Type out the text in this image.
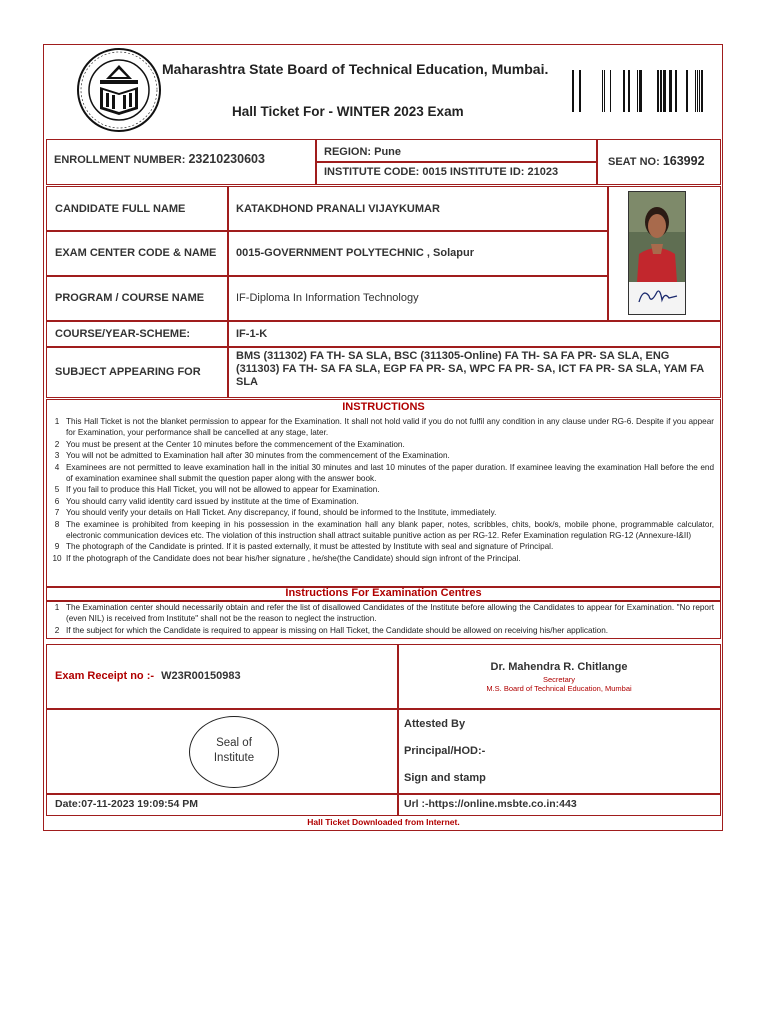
Maharashtra State Board of Technical Education, Mumbai.
Hall Ticket For - WINTER 2023 Exam
ENROLLMENT NUMBER: 23210230603	REGION: Pune
INSTITUTE CODE: 0015 INSTITUTE ID: 21023
SEAT NO: 163992
CANDIDATE FULL NAME	KATAKDHOND PRANALI VIJAYKUMAR
EXAM CENTER CODE & NAME	0015-GOVERNMENT POLYTECHNIC , Solapur
PROGRAM / COURSE NAME	IF-Diploma In Information Technology
COURSE/YEAR-SCHEME:	IF-1-K
SUBJECT APPEARING FOR
BMS (311302) FA TH- SA SLA, BSC (311305-Online) FA TH- SA FA PR- SA SLA, ENG (311303) FA TH- SA FA SLA, EGP FA PR- SA, WPC FA PR- SA, ICT FA PR- SA SLA, YAM FA SLA
INSTRUCTIONS
1 This Hall Ticket is not the blanket permission to appear for the Examination. It shall not hold valid if you do not fulfil any condition in any clause under RG-6. Despite if you appear for Examination, your performance shall be cancelled at any stage, later.
2 You must be present at the Center 10 minutes before the commencement of the Examination.
3 You will not be admitted to Examination hall after 30 minutes from the commencement of the Examination.
4 Examinees are not permitted to leave examination hall in the initial 30 minutes and last 10 minutes of the paper duration. If examinee leaving the examination Hall before the end of examination examinee shall submit the question paper along with the answer book.
5 If you fail to produce this Hall Ticket, you will not be allowed to appear for Examination.
6 You should carry valid identity card issued by institute at the time of Examination.
7 You should verify your details on Hall Ticket. Any discrepancy, if found, should be informed to the Institute, immediately.
8 The examinee is prohibited from keeping in his possession in the examination hall any blank paper, notes, scribbles, chits, book/s, mobile phone, programmable calculator, electronic communication devices etc. The violation of this instruction shall attract suitable punitive action as per RG-12. Refer Examination regulation RG-12 (Annexure-I&II)
9 The photograph of the Candidate is printed. If it is pasted externally, it must be attested by Institute with seal and signature of Principal.
10 If the photograph of the Candidate does not bear his/her signature , he/she(the Candidate) should sign infront of the Principal.
Instructions For Examination Centres
1 The Examination center should necessarily obtain and refer the list of disallowed Candidates of the Institute before allowing the Candidates to appear for Examination. "No report (even NIL) is received from Institute" shall not be the reason to neglect the instruction.
2 If the subject for which the Candidate is required to appear is missing on Hall Ticket, the Candidate should be allowed on receiving his/her application.
Exam Receipt no :- W23R00150983
Dr. Mahendra R. Chitlange
Secretary
M.S. Board of Technical Education, Mumbai
Seal of Institute
Attested By
Principal/HOD:-
Sign and stamp
Date:07-11-2023 19:09:54 PM	Url :-https://online.msbte.co.in:443
Hall Ticket Downloaded from Internet.
